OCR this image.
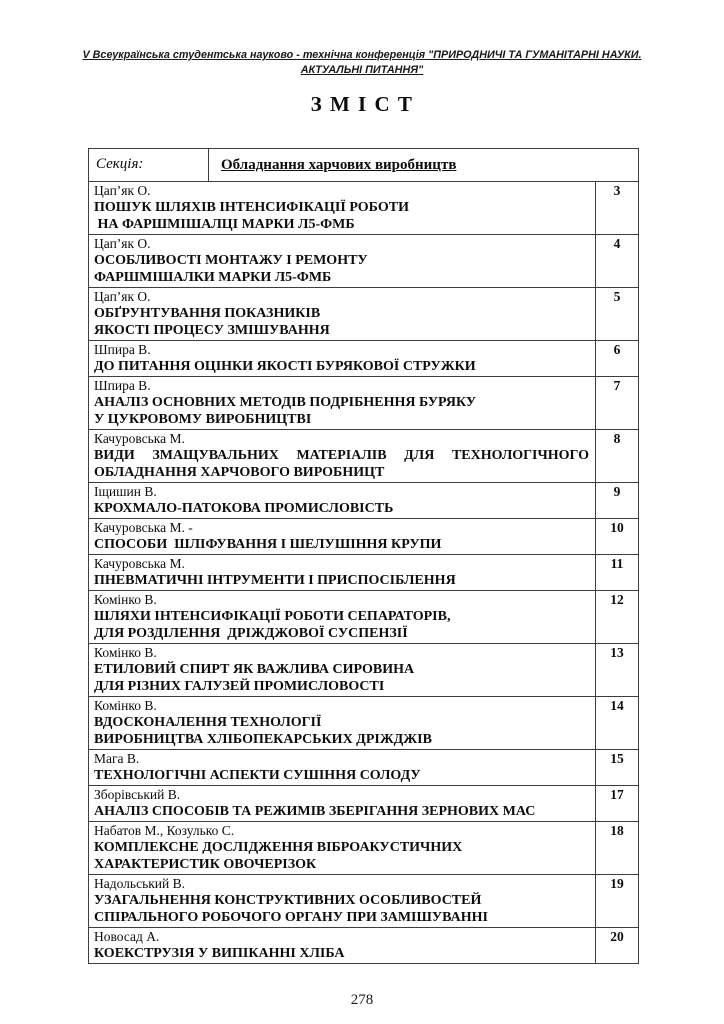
V Всеукраїнська студентська науково - технічна конференція "ПРИРОДНИЧІ ТА ГУМАНІТАРНІ НАУКИ.
АКТУАЛЬНІ ПИТАННЯ"
З М І С Т
Секція:	Обладнання харчових виробництв	

Цап’як О.
ПОШУК ШЛЯХІВ ІНТЕНСИФІКАЦІЇ РОБОТИ
НА ФАРШМІШАЛЦІ МАРКИ Л5-ФМБ		3

Цап’як О.
ОСОБЛИВОСТІ МОНТАЖУ І РЕМОНТУ
ФАРШМІШАЛКИ МАРКИ Л5-ФМБ		4

Цап’як О.
ОБҐРУНТУВАННЯ ПОКАЗНИКІВ
ЯКОСТІ ПРОЦЕСУ ЗМІШУВАННЯ		5

Шпира В.
ДО ПИТАННЯ ОЦІНКИ ЯКОСТІ БУРЯКОВОЇ СТРУЖКИ		6

Шпира В.
АНАЛІЗ ОСНОВНИХ МЕТОДІВ ПОДРІБНЕННЯ БУРЯКУ
У ЦУКРОВОМУ ВИРОБНИЦТВІ		7

Качуровська М.
ВИДИ ЗМАЩУВАЛЬНИХ МАТЕРІАЛІВ ДЛЯ ТЕХНОЛОГІЧНОГО
ОБЛАДНАННЯ ХАРЧОВОГО ВИРОБНИЦТ		8

Іщишин В.
КРОХМАЛО-ПАТОКОВА ПРОМИСЛОВІСТЬ		9

Качуровська М. -
СПОСОБИ  ШЛІФУВАННЯ І ШЕЛУШІННЯ КРУПИ		10

Качуровська М.
ПНЕВМАТИЧНІ ІНТРУМЕНТИ І ПРИСПОСІБЛЕННЯ		11

Комінко В.
ШЛЯХИ ІНТЕНСИФІКАЦІЇ РОБОТИ СЕПАРАТОРІВ,
ДЛЯ РОЗДІЛЕННЯ  ДРІЖДЖОВОЇ СУСПЕНЗІЇ		12

Комінко В.
ЕТИЛОВИЙ СПИРТ ЯК ВАЖЛИВА СИРОВИНА
ДЛЯ РІЗНИХ ГАЛУЗЕЙ ПРОМИСЛОВОСТІ		13

Комінко В.
ВДОСКОНАЛЕННЯ ТЕХНОЛОГІЇ
ВИРОБНИЦТВА ХЛІБОПЕКАРСЬКИХ ДРІЖДЖІВ		14

Мага В.
ТЕХНОЛОГІЧНІ АСПЕКТИ СУШІННЯ СОЛОДУ		15

Зборівський В.
АНАЛІЗ СПОСОБІВ ТА РЕЖИМІВ ЗБЕРІГАННЯ ЗЕРНОВИХ МАС		17

Набатов М., Козулько С.
КОМПЛЕКСНЕ ДОСЛІДЖЕННЯ ВІБРОАКУСТИЧНИХ
ХАРАКТЕРИСТИК ОВОЧЕРІЗОК		18

Надольський В.
УЗАГАЛЬНЕННЯ КОНСТРУКТИВНИХ ОСОБЛИВОСТЕЙ
СПІРАЛЬНОГО РОБОЧОГО ОРГАНУ ПРИ ЗАМІШУВАННІ		19

Новосад А.
КОЕКСТРУЗІЯ У ВИПІКАННІ ХЛІБА		20
278
